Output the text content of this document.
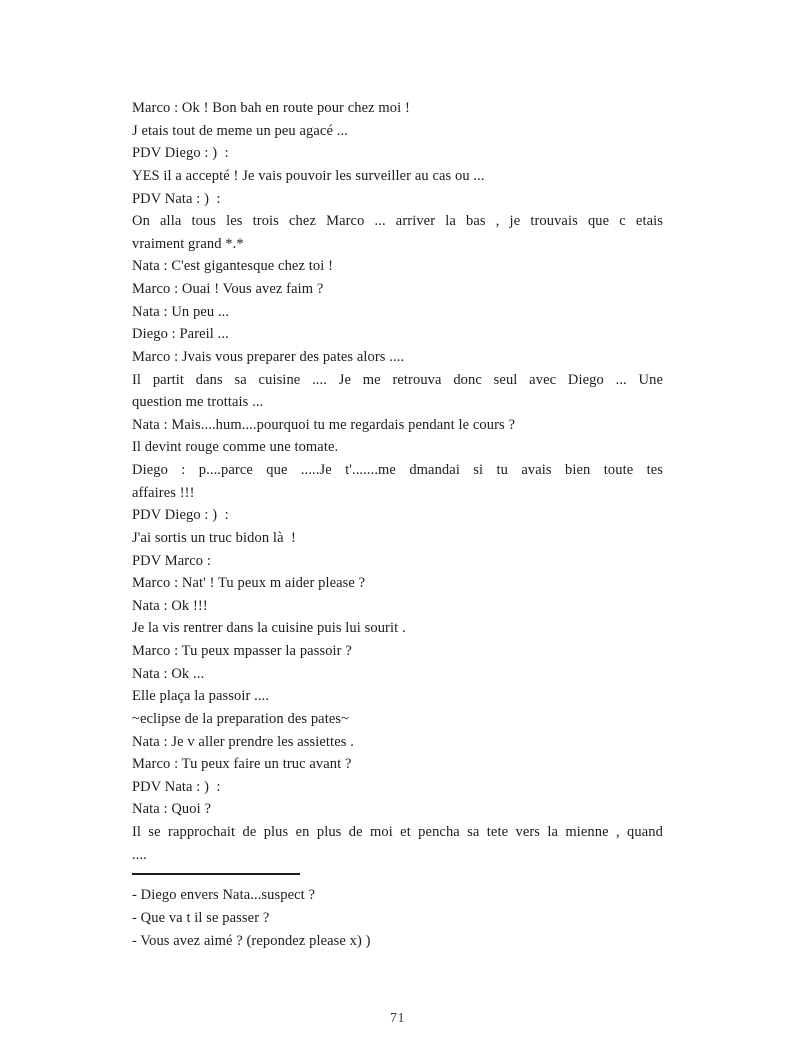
Marco : Ok ! Bon bah en route pour chez moi !
J etais tout de meme un peu agacé ...
PDV Diego : )  :
YES il a accepté ! Je vais pouvoir les surveiller au cas ou ...
PDV Nata : )  :
On alla tous les trois chez Marco ... arriver la bas , je trouvais que c etais
vraiment grand *.*
Nata : C'est gigantesque chez toi !
Marco : Ouai ! Vous avez faim ?
Nata : Un peu ...
Diego : Pareil ...
Marco : Jvais vous preparer des pates alors ....
Il partit dans sa cuisine .... Je me retrouva donc seul avec Diego ... Une
question me trottais ...
Nata : Mais....hum....pourquoi tu me regardais pendant le cours ?
Il devint rouge comme une tomate.
Diego : p....parce que .....Je t'.......me dmandai si tu avais bien toute tes
affaires !!!
PDV Diego : )  :
J'ai sortis un truc bidon là  !
PDV Marco :
Marco : Nat' ! Tu peux m aider please ?
Nata : Ok !!!
Je la vis rentrer dans la cuisine puis lui sourit .
Marco : Tu peux mpasser la passoir ?
Nata : Ok ...
Elle plaça la passoir ....
~eclipse de la preparation des pates~
Nata : Je v aller prendre les assiettes .
Marco : Tu peux faire un truc avant ?
PDV Nata : )  :
Nata : Quoi ?
Il se rapprochait de plus en plus de moi et pencha sa tete vers la mienne , quand
....
- Diego envers Nata...suspect ?
- Que va t il se passer ?
- Vous avez aimé ? (repondez please x) )
71
